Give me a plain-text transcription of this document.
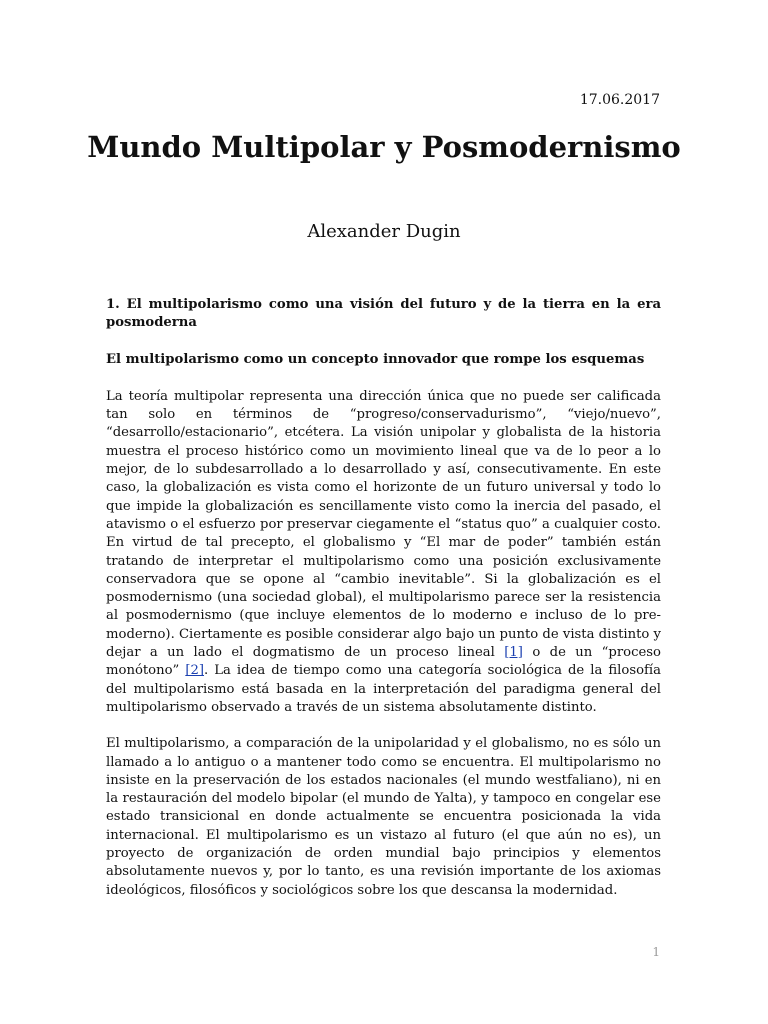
17.06.2017
Mundo Multipolar y Posmodernismo
Alexander Dugin

1. El multipolarismo como una visión del futuro y de la tierra en la era posmoderna

El multipolarismo como un concepto innovador que rompe los esquemas

La teoría multipolar representa una dirección única que no puede ser calificada tan solo en términos de “progreso/conservadurismo”, “viejo/nuevo”, “desarrollo/estacionario”, etcétera. La visión unipolar y globalista de la historia muestra el proceso histórico como un movimiento lineal que va de lo peor a lo mejor, de lo subdesarrollado a lo desarrollado y así, consecutivamente. En este caso, la globalización es vista como el horizonte de un futuro universal y todo lo que impide la globalización es sencillamente visto como la inercia del pasado, el atavismo o el esfuerzo por preservar ciegamente el “status quo” a cualquier costo. En virtud de tal precepto, el globalismo y “El mar de poder” también están tratando de interpretar el multipolarismo como una posición exclusivamente conservadora que se opone al “cambio inevitable”. Si la globalización es el posmodernismo (una sociedad global), el multipolarismo parece ser la resistencia al posmodernismo (que incluye elementos de lo moderno e incluso de lo pre-moderno). Ciertamente es posible considerar algo bajo un punto de vista distinto y dejar a un lado el dogmatismo de un proceso lineal [1] o de un “proceso monótono” [2]. La idea de tiempo como una categoría sociológica de la filosofía del multipolarismo está basada en la interpretación del paradigma general del multipolarismo observado a través de un sistema absolutamente distinto.

El multipolarismo, a comparación de la unipolaridad y el globalismo, no es sólo un llamado a lo antiguo o a mantener todo como se encuentra. El multipolarismo no insiste en la preservación de los estados nacionales (el mundo westfaliano), ni en la restauración del modelo bipolar (el mundo de Yalta), y tampoco en congelar ese estado transicional en donde actualmente se encuentra posicionada la vida internacional. El multipolarismo es un vistazo al futuro (el que aún no es), un proyecto de organización de orden mundial bajo principios y elementos absolutamente nuevos y, por lo tanto, es una revisión importante de los axiomas ideológicos, filosóficos y sociológicos sobre los que descansa la modernidad.

1
